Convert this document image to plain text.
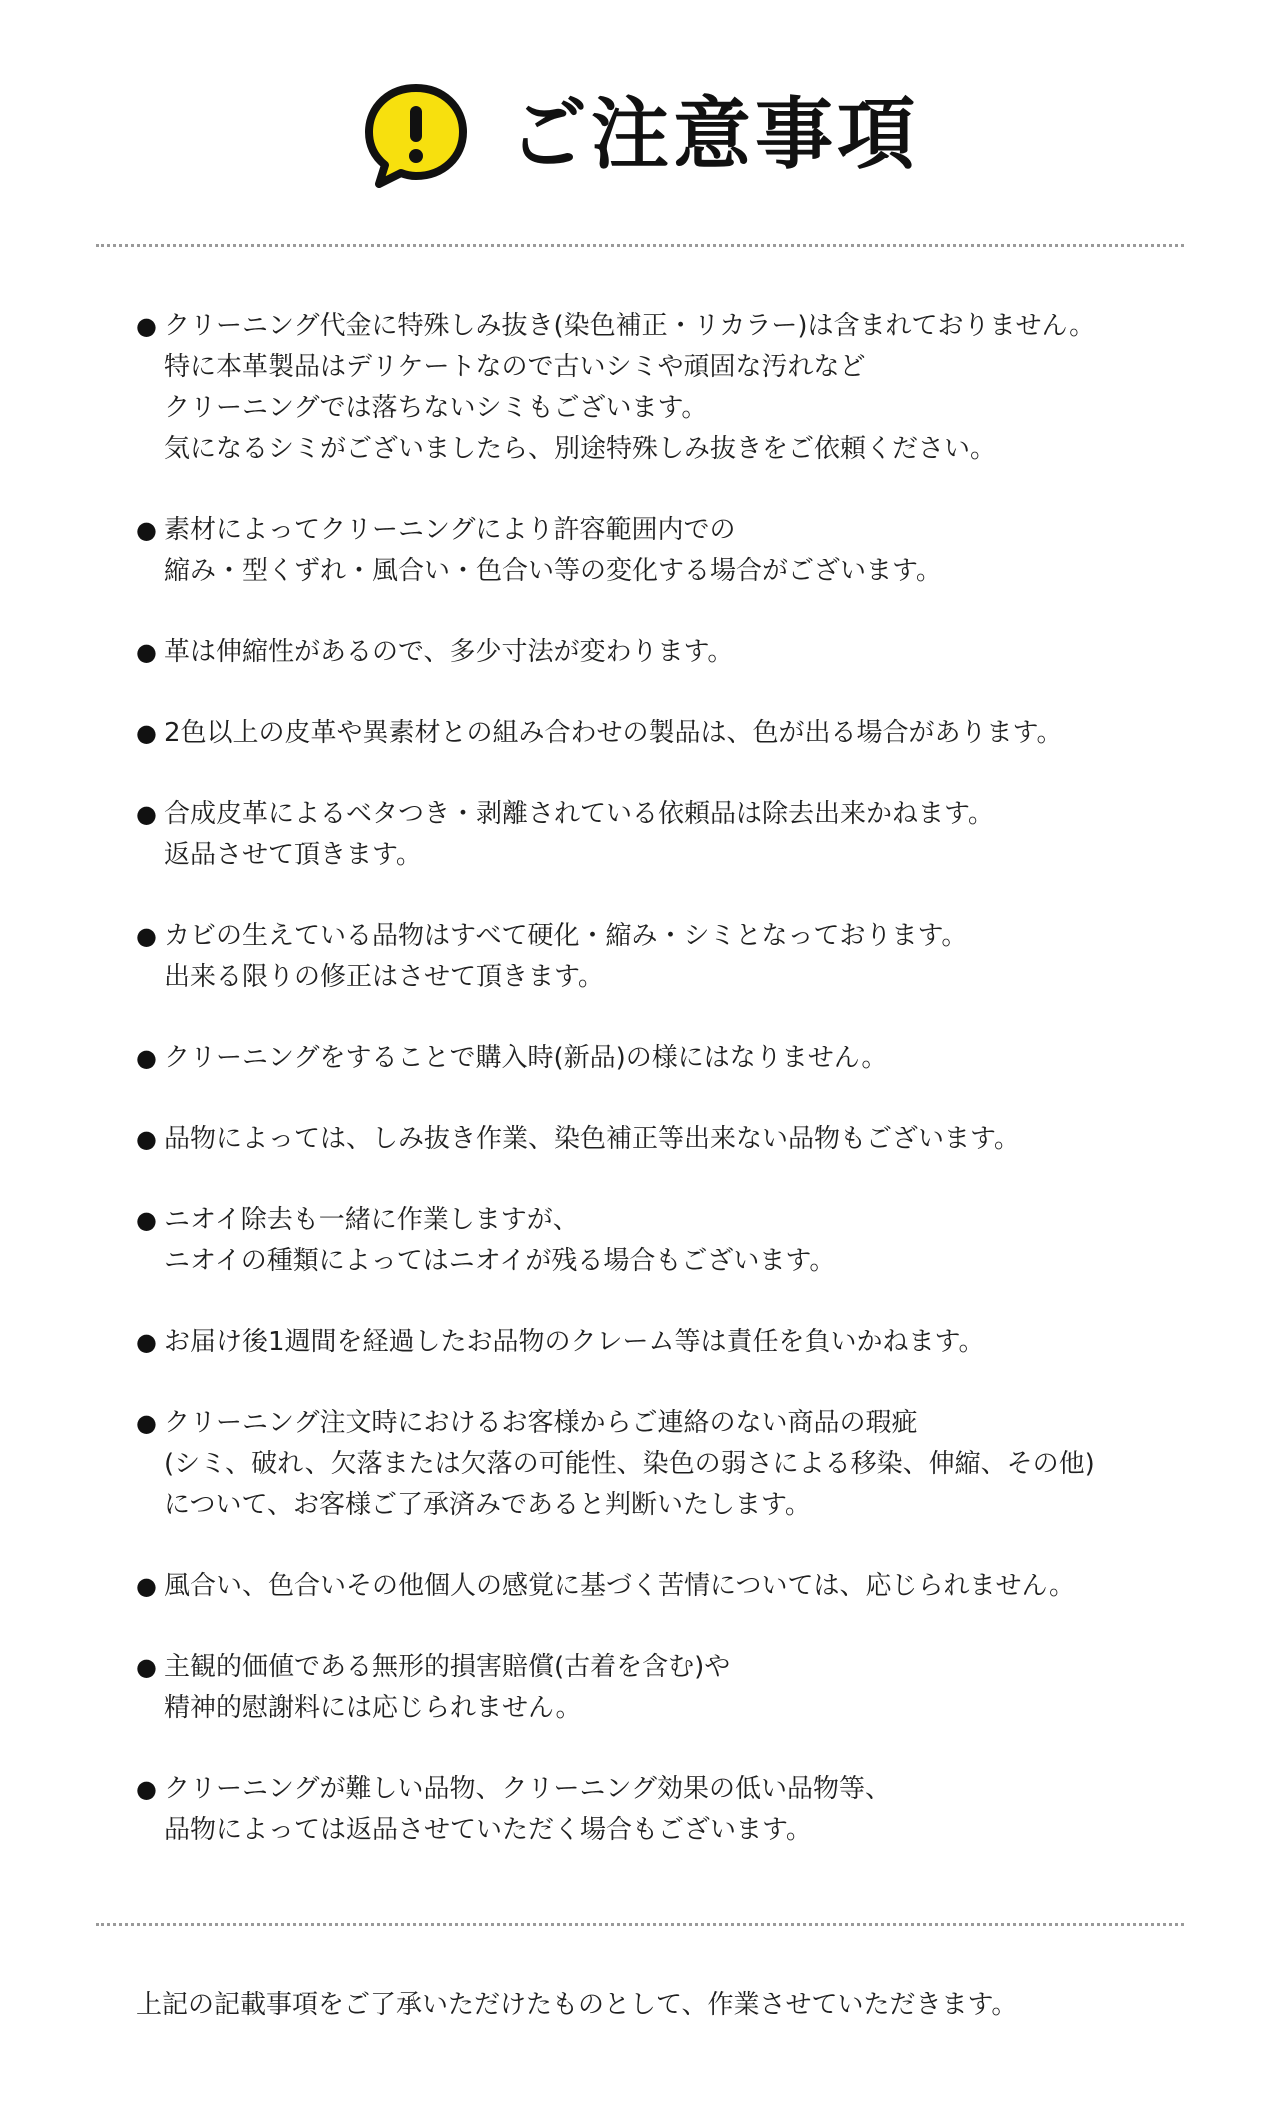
ご注意事項
● クリーニング代金に特殊しみ抜き(染色補正・リカラー)は含まれておりません。
特に本革製品はデリケートなので古いシミや頑固な汚れなど
クリーニングでは落ちないシミもございます。
気になるシミがございましたら、別途特殊しみ抜きをご依頼ください。
● 素材によってクリーニングにより許容範囲内での
縮み・型くずれ・風合い・色合い等の変化する場合がございます。
● 革は伸縮性があるので、多少寸法が変わります。
● 2色以上の皮革や異素材との組み合わせの製品は、色が出る場合があります。
● 合成皮革によるベタつき・剥離されている依頼品は除去出来かねます。
返品させて頂きます。
● カビの生えている品物はすべて硬化・縮み・シミとなっております。
出来る限りの修正はさせて頂きます。
● クリーニングをすることで購入時(新品)の様にはなりません。
● 品物によっては、しみ抜き作業、染色補正等出来ない品物もございます。
● ニオイ除去も一緒に作業しますが、
ニオイの種類によってはニオイが残る場合もございます。
● お届け後1週間を経過したお品物のクレーム等は責任を負いかねます。
● クリーニング注文時におけるお客様からご連絡のない商品の瑕疵
(シミ、破れ、欠落または欠落の可能性、染色の弱さによる移染、伸縮、その他)
について、お客様ご了承済みであると判断いたします。
● 風合い、色合いその他個人の感覚に基づく苦情については、応じられません。
● 主観的価値である無形的損害賠償(古着を含む)や
精神的慰謝料には応じられません。
● クリーニングが難しい品物、クリーニング効果の低い品物等、
品物によっては返品させていただく場合もございます。
上記の記載事項をご了承いただけたものとして、作業させていただきます。
